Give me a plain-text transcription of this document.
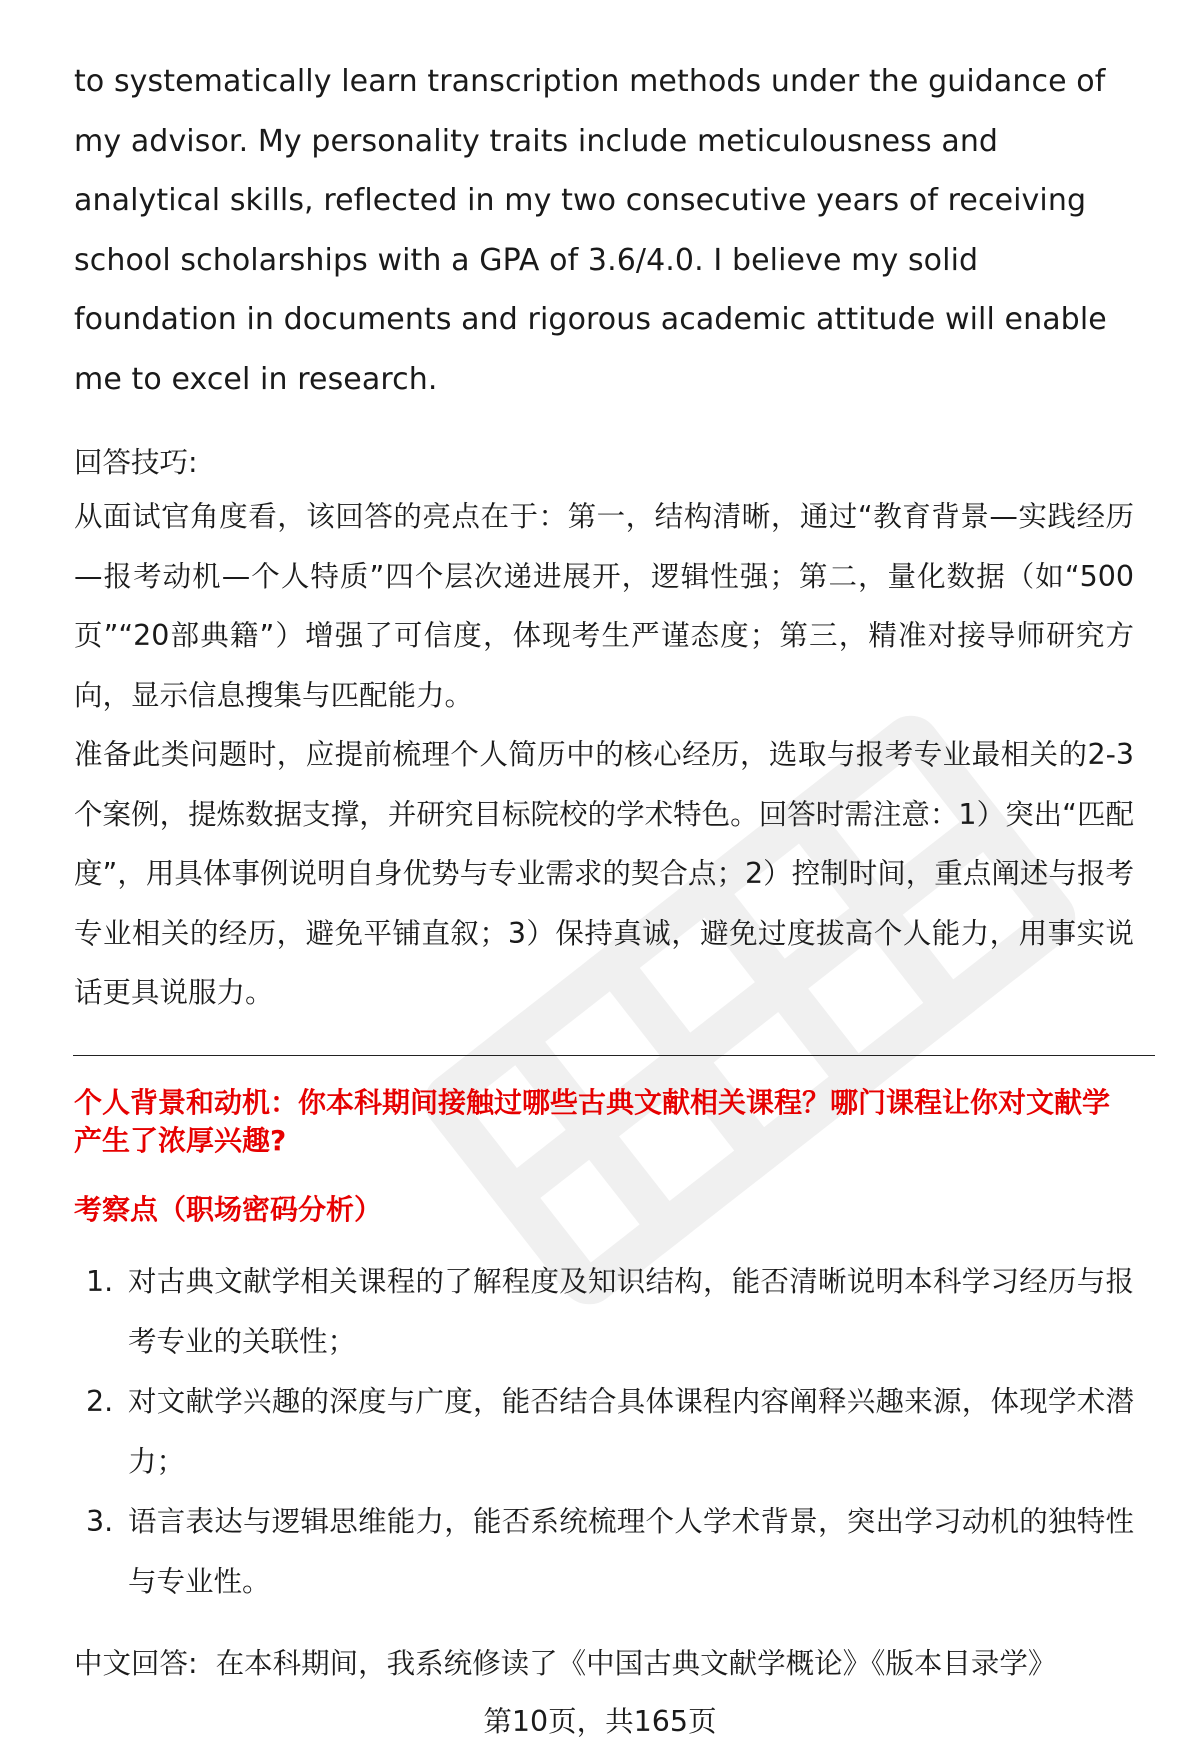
to systematically learn transcription methods under the guidance of my advisor. My personality traits include meticulousness and analytical skills, reflected in my two consecutive years of receiving school scholarships with a GPA of 3.6/4.0. I believe my solid foundation in documents and rigorous academic attitude will enable me to excel in research.

回答技巧:

从面试官角度看，该回答的亮点在于：第一，结构清晰，通过“教育背景—实践经历—报考动机—个人特质”四个层次递进展开，逻辑性强；第二，量化数据（如“500页”“20部典籍”）增强了可信度，体现考生严谨态度；第三，精准对接导师研究方向，显示信息搜集与匹配能力。

准备此类问题时，应提前梳理个人简历中的核心经历，选取与报考专业最相关的2-3个案例，提炼数据支撑，并研究目标院校的学术特色。回答时需注意：1）突出“匹配度”，用具体事例说明自身优势与专业需求的契合点；2）控制时间，重点阐述与报考专业相关的经历，避免平铺直叙；3）保持真诚，避免过度拔高个人能力，用事实说话更具说服力。

个人背景和动机：你本科期间接触过哪些古典文献相关课程？哪门课程让你对文献学产生了浓厚兴趣?

考察点（职场密码分析）

1. 对古典文献学相关课程的了解程度及知识结构，能否清晰说明本科学习经历与报考专业的关联性；
2. 对文献学兴趣的深度与广度，能否结合具体课程内容阐释兴趣来源，体现学术潜力；
3. 语言表达与逻辑思维能力，能否系统梳理个人学术背景，突出学习动机的独特性与专业性。

中文回答: 在本科期间，我系统修读了《中国古典文献学概论》《版本目录学》

第10页，共165页
